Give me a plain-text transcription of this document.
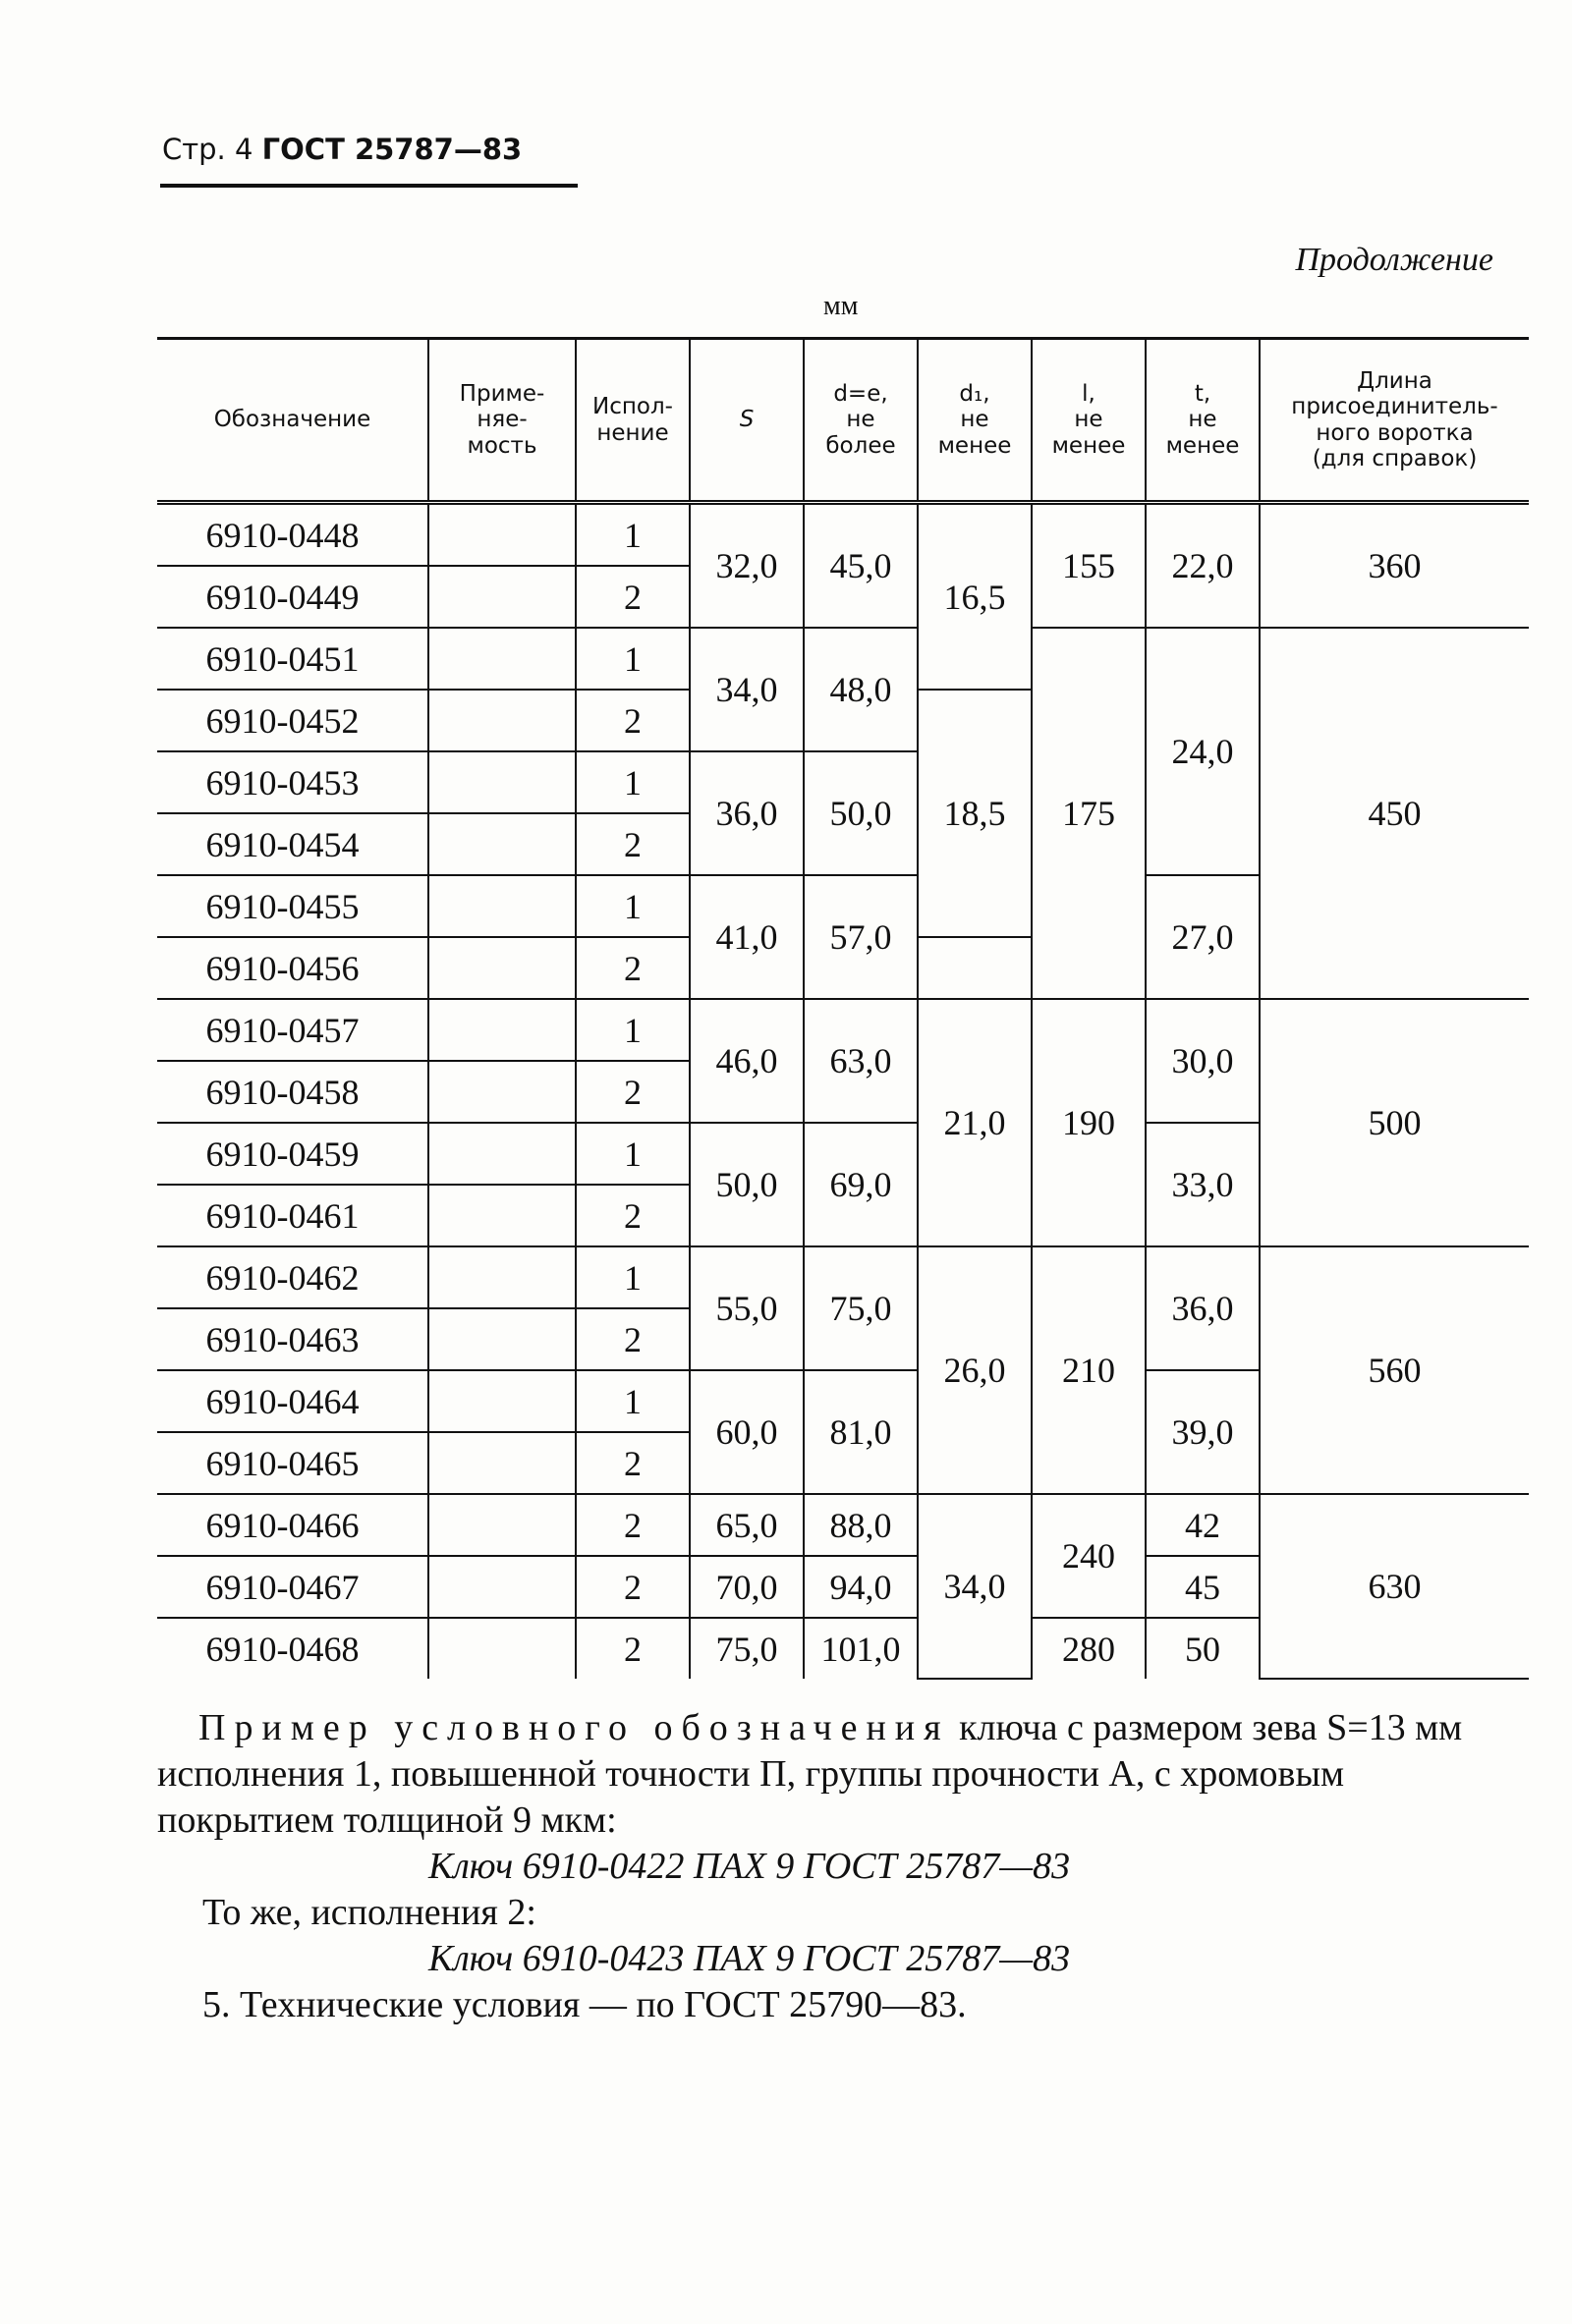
Стр. 4 ГОСТ 25787—83
Продолжение
мм
Обозначение	Приме-
няе-
мость	Испол-
нение	S	d=e,
не
более	d₁,
не
менее	l,
не
менее	t,
не
менее	Длина
присоединитель-
ного воротка
(для справок)
6910-0448		1	32,0	45,0	16,5	155	22,0	360
6910-0449		2						
6910-0451		1	34,0	48,0		175	24,0	450
6910-0452		2			18,5			
6910-0453		1	36,0	50,0				
6910-0454		2						
6910-0455		1	41,0	57,0			27,0	
6910-0456		2						
6910-0457		1	46,0	63,0	21,0	190	30,0	500
6910-0458		2						
6910-0459		1	50,0	69,0			33,0	
6910-0461		2						
6910-0462		1	55,0	75,0	26,0	210	36,0	560
6910-0463		2						
6910-0464		1	60,0	81,0			39,0	
6910-0465		2						
6910-0466		2	65,0	88,0	34,0	240	42	630
6910-0467		2	70,0	94,0			45	
6910-0468		2	75,0	101,0		280	50	
Пример условного обозначения ключа с размером зева S=13 мм исполнения 1, повышенной точности П, группы прочности А, с хромовым покрытием толщиной 9 мкм:
Ключ 6910-0422 ПАХ 9 ГОСТ 25787—83
То же, исполнения 2:
Ключ 6910-0423 ПАХ 9 ГОСТ 25787—83
5. Технические условия — по ГОСТ 25790—83.
